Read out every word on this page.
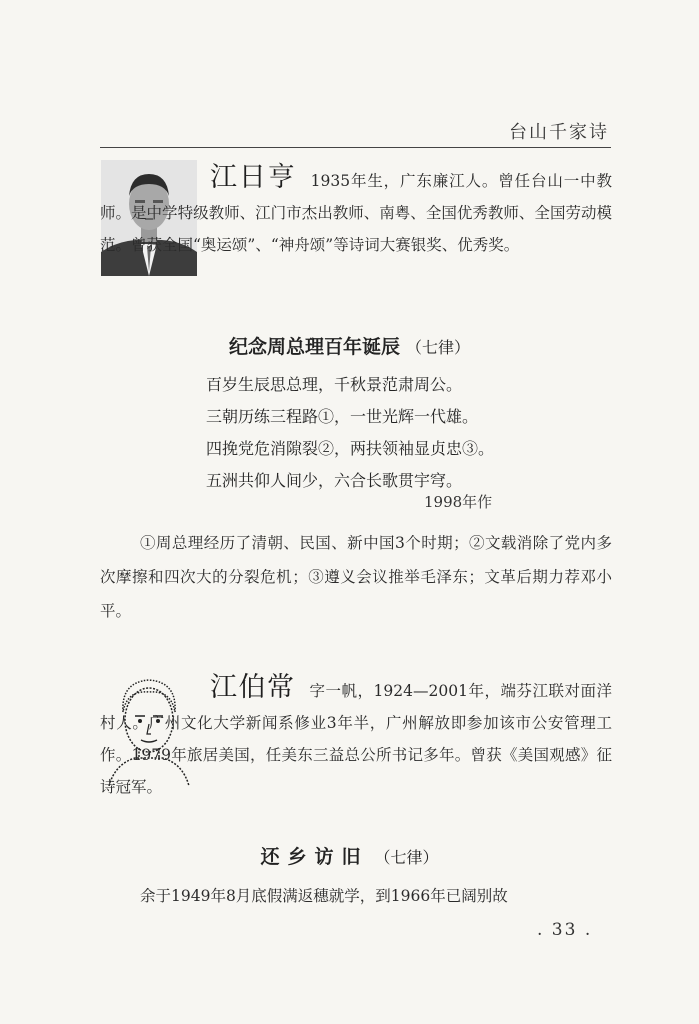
台山千家诗
江日亨 1935年生，广东廉江人。曾任台山一中教师。是中学特级教师、江门市杰出教师、南粤、全国优秀教师、全国劳动模范。曾获全国“奥运颂”、“神舟颂”等诗词大赛银奖、优秀奖。
纪念周总理百年诞辰 （七律）
百岁生辰思总理，千秋景范肃周公。
三朝历练三程路①，一世光辉一代雄。
四挽党危消隙裂②，两扶领袖显贞忠③。
五洲共仰人间少，六合长歌贯宇穹。
1998年作
①周总理经历了清朝、民国、新中国3个时期；②文载消除了党内多次摩擦和四次大的分裂危机；③遵义会议推举毛泽东；文革后期力荐邓小平。
江伯常 字一帆，1924—2001年，端芬江联对面洋村人。广州文化大学新闻系修业3年半，广州解放即参加该市公安管理工作。1979年旅居美国，任美东三益总公所书记多年。曾获《美国观感》征诗冠军。
还乡访旧 （七律）
余于1949年8月底假满返穗就学，到1966年已阔别故
. 33 .
